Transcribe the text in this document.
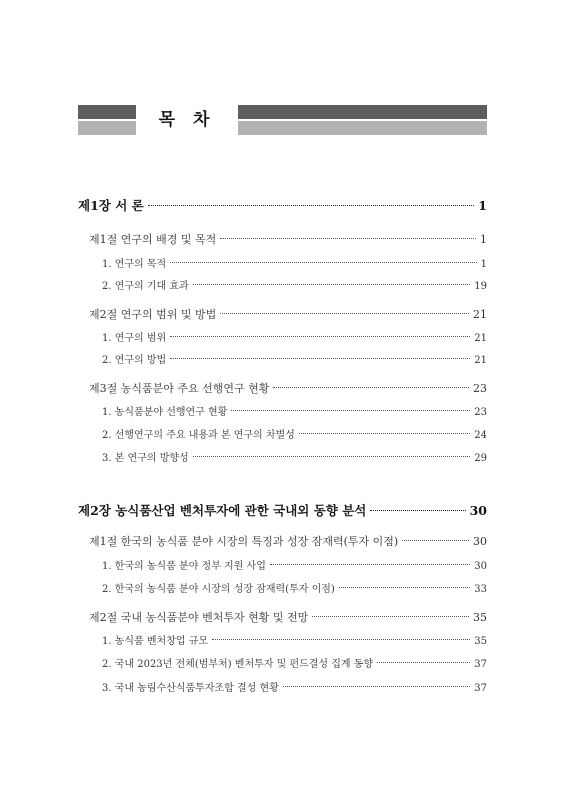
목 차
제1장 서 론	1
제1절 연구의 배경 및 목적	1
1. 연구의 목적	1
2. 연구의 기대 효과	19
제2절 연구의 범위 및 방법	21
1. 연구의 범위	21
2. 연구의 방법	21
제3절 농식품분야 주요 선행연구 현황	23
1. 농식품분야 선행연구 현황	23
2. 선행연구의 주요 내용과 본 연구의 차별성	24
3. 본 연구의 방향성	29
제2장 농식품산업 벤처투자에 관한 국내외 동향 분석	30
제1절 한국의 농식품 분야 시장의 특징과 성장 잠재력(투자 이점)	30
1. 한국의 농식품 분야 정부 지원 사업	30
2. 한국의 농식품 분야 시장의 성장 잠재력(투자 이점)	33
제2절 국내 농식품분야 벤처투자 현황 및 전망	35
1. 농식품 벤처창업 규모	35
2. 국내 2023년 전체(범부처) 벤처투자 및 펀드결성 집계 동향	37
3. 국내 농림수산식품투자조합 결성 현황	37
